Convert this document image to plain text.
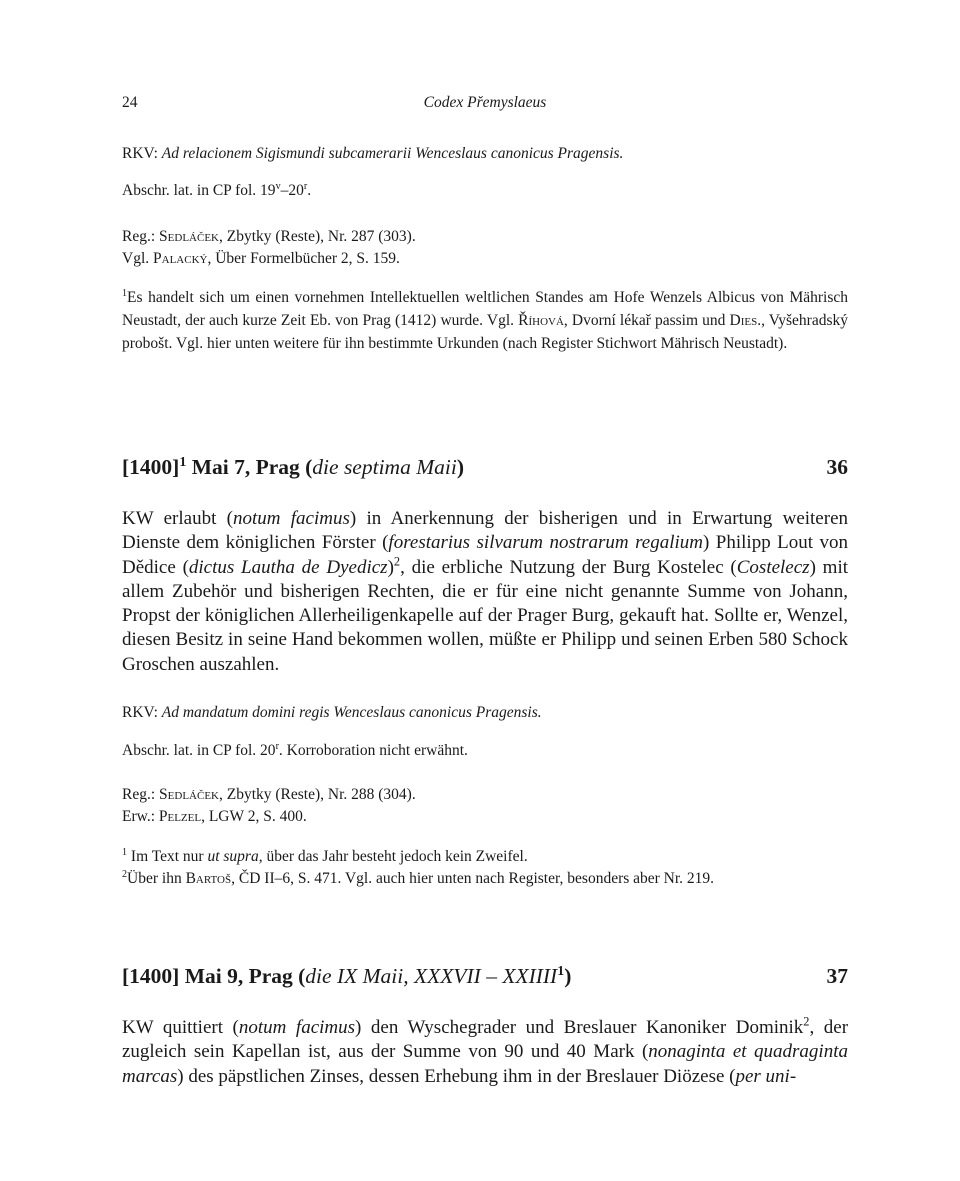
24	Codex Přemyslaeus

RKV: Ad relacionem Sigismundi subcamerarii Wenceslaus canonicus Pragensis.

Abschr. lat. in CP fol. 19$^v$–20$^r$.

Reg.: Sedláček, Zbytky (Reste), Nr. 287 (303).

Vgl. Palacký, Über Formelbücher 2, S. 159.

$^1$Es handelt sich um einen vornehmen Intellektuellen weltlichen Standes am Hofe Wenzels Albicus von Mährisch Neustadt, der auch kurze Zeit Eb. von Prag (1412) wurde. Vgl. Říhová, Dvorní lékař passim und Dies., Vyšehradský probošt. Vgl. hier unten weitere für ihn bestimmte Urkunden (nach Register Stichwort Mährisch Neustadt).
$[1400]^1$ Mai 7, Prag (die septima Maii)	36
KW erlaubt (notum facimus) in Anerkennung der bisherigen und in Erwartung weiteren Dienste dem königlichen Förster (forestarius silvarum nostrarum regalium) Philipp Lout von Dědice (dictus Lautha de Dyedicz)$^2$, die erbliche Nutzung der Burg Kostelec (Costelecz) mit allem Zubehör und bisherigen Rechten, die er für eine nicht genannte Summe von Johann, Propst der königlichen Allerheiligenkapelle auf der Prager Burg, gekauft hat. Sollte er, Wenzel, diesen Besitz in seine Hand bekommen wollen, müßte er Philipp und seinen Erben 580 Schock Groschen auszahlen.

RKV: Ad mandatum domini regis Wenceslaus canonicus Pragensis.

Abschr. lat. in CP fol. 20$^r$. Korroboration nicht erwähnt.

Reg.: Sedláček, Zbytky (Reste), Nr. 288 (304).

Erw.: Pelzel, LGW 2, S. 400.

$^1$ Im Text nur ut supra, über das Jahr besteht jedoch kein Zweifel.

$^2$Über ihn Bartoš, ČD II–6, S. 471. Vgl. auch hier unten nach Register, besonders aber Nr. 219.

[1400] Mai 9, Prag (die IX Maii, XXXVII – XXIIII$^1$)	37
KW quittiert (notum facimus) den Wyschegrader und Breslauer Kanoniker Dominik$^2$, der zugleich sein Kapellan ist, aus der Summe von 90 und 40 Mark (nonaginta et quadraginta marcas) des päpstlichen Zinses, dessen Erhebung ihm in der Breslauer Diözese (per uni-
